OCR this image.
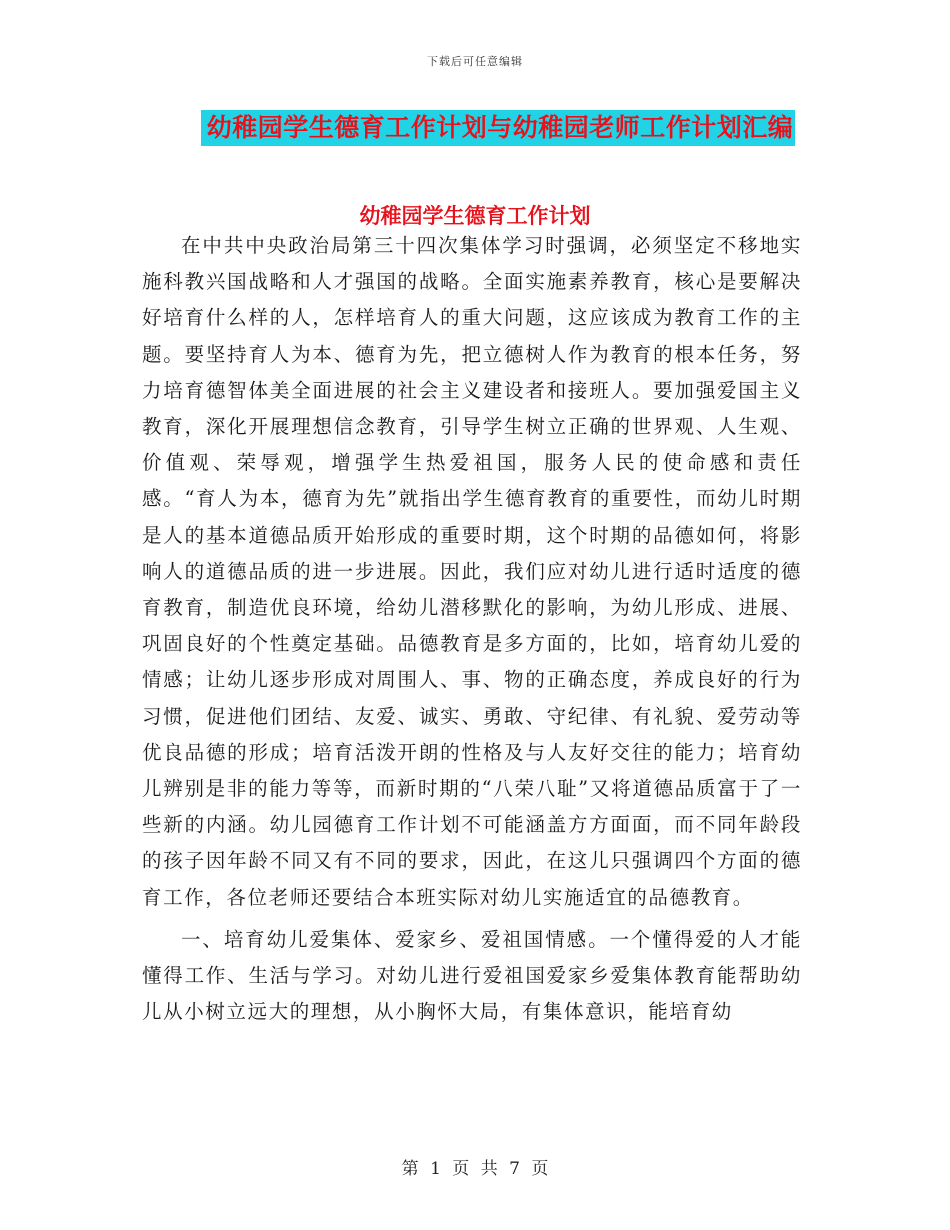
下载后可任意编辑
幼稚园学生德育工作计划与幼稚园老师工作计划汇编
幼稚园学生德育工作计划

在中共中央政治局第三十四次集体学习时强调，必须坚定不移地实施科教兴国战略和人才强国的战略。全面实施素养教育，核心是要解决好培育什么样的人，怎样培育人的重大问题，这应该成为教育工作的主题。要坚持育人为本、德育为先，把立德树人作为教育的根本任务，努力培育德智体美全面进展的社会主义建设者和接班人。要加强爱国主义教育，深化开展理想信念教育，引导学生树立正确的世界观、人生观、价值观、荣辱观，增强学生热爱祖国，服务人民的使命感和责任感。“育人为本，德育为先”就指出学生德育教育的重要性，而幼儿时期是人的基本道德品质开始形成的重要时期，这个时期的品德如何，将影响人的道德品质的进一步进展。因此，我们应对幼儿进行适时适度的德育教育，制造优良环境，给幼儿潜移默化的影响，为幼儿形成、进展、巩固良好的个性奠定基础。品德教育是多方面的，比如，培育幼儿爱的情感；让幼儿逐步形成对周围人、事、物的正确态度，养成良好的行为习惯，促进他们团结、友爱、诚实、勇敢、守纪律、有礼貌、爱劳动等优良品德的形成；培育活泼开朗的性格及与人友好交往的能力；培育幼儿辨别是非的能力等等，而新时期的“八荣八耻”又将道德品质富于了一些新的内涵。幼儿园德育工作计划不可能涵盖方方面面，而不同年龄段的孩子因年龄不同又有不同的要求，因此，在这儿只强调四个方面的德育工作，各位老师还要结合本班实际对幼儿实施适宜的品德教育。

一、培育幼儿爱集体、爱家乡、爱祖国情感。一个懂得爱的人才能懂得工作、生活与学习。对幼儿进行爱祖国爱家乡爱集体教育能帮助幼儿从小树立远大的理想，从小胸怀大局，有集体意识，能培育幼

第 1 页 共 7 页
